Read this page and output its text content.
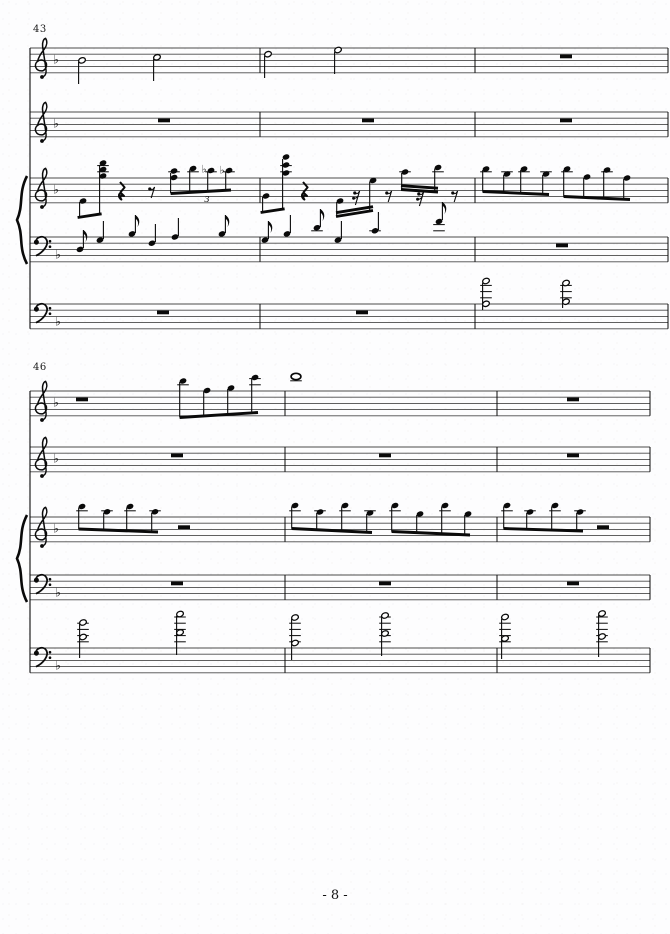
♭
♭
♭
♭
♭
♭ ♭
3
♭
♭
♭
♭
♭
43
46
- 8 -
